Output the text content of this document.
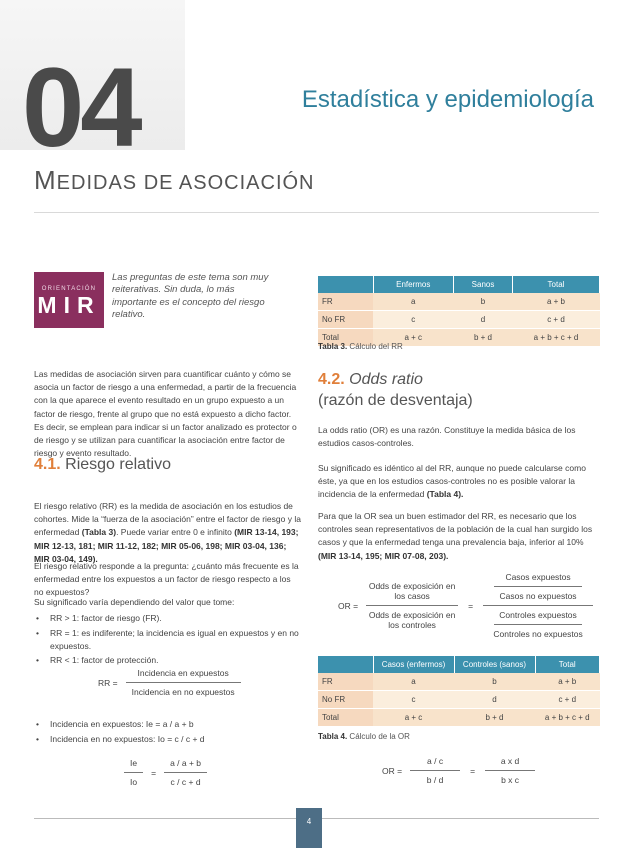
04	Estadística y epidemiología
MEDIDAS DE ASOCIACIÓN
ORIENTACIÓN
MIR
Las preguntas de este tema son muy reiterativas. Sin duda, lo más importante es el concepto del riesgo relativo.
Las medidas de asociación sirven para cuantificar cuánto y cómo se asocia un factor de riesgo a una enfermedad, a partir de la frecuencia con la que aparece el evento resultado en un grupo expuesto a un factor de riesgo, frente al grupo que no está expuesto a dicho factor. Es decir, se emplean para indicar si un factor analizado es protector o de riesgo y se utilizan para cuantificar la asociación entre factor de riesgo y evento resultado.
4.1. Riesgo relativo
El riesgo relativo (RR) es la medida de asociación en los estudios de cohortes. Mide la “fuerza de la asociación” entre el factor de riesgo y la enfermedad (Tabla 3). Puede variar entre 0 e infinito (MIR 13-14, 193; MIR 12-13, 181; MIR 11-12, 182; MIR 05-06, 198; MIR 03-04, 136; MIR 03-04, 149).
El riesgo relativo responde a la pregunta: ¿cuánto más frecuente es la enfermedad entre los expuestos a un factor de riesgo respecto a los no expuestos?
Su significado varía dependiendo del valor que tome:
• RR > 1: factor de riesgo (FR).
• RR = 1: es indiferente; la incidencia es igual en expuestos y en no expuestos.
• RR < 1: factor de protección.
RR =
Incidencia en expuestos
Incidencia en no expuestos
• Incidencia en expuestos: Ie = a / a + b
• Incidencia en no expuestos: Io = c / c + d
Ie
Io
=
a / a + b
c / c + d
	Enfermos	Sanos	Total
FR	a	b	a + b
No FR	c	d	c + d
Total	a + c	b + d	a + b + c + d
Tabla 3. Cálculo del RR
4.2. Odds ratio
(razón de desventaja)
La odds ratio (OR) es una razón. Constituye la medida básica de los estudios casos-controles.
Su significado es idéntico al del RR, aunque no puede calcularse como éste, ya que en los estudios casos-controles no es posible valorar la incidencia de la enfermedad (Tabla 4).
Para que la OR sea un buen estimador del RR, es necesario que los controles sean representativos de la población de la cual han surgido los casos y que la enfermedad tenga una prevalencia baja, inferior al 10% (MIR 13-14, 195; MIR 07-08, 203).
OR =
Odds de exposición en los casos
Odds de exposición en los controles
=
Casos expuestos
Casos no expuestos
Controles expuestos
Controles no expuestos
	Casos (enfermos)	Controles (sanos)	Total
FR	a	b	a + b
No FR	c	d	c + d
Total	a + c	b + d	a + b + c + d
Tabla 4. Cálculo de la OR
OR =
a / c
b / d
=
a x d
b x c
4
